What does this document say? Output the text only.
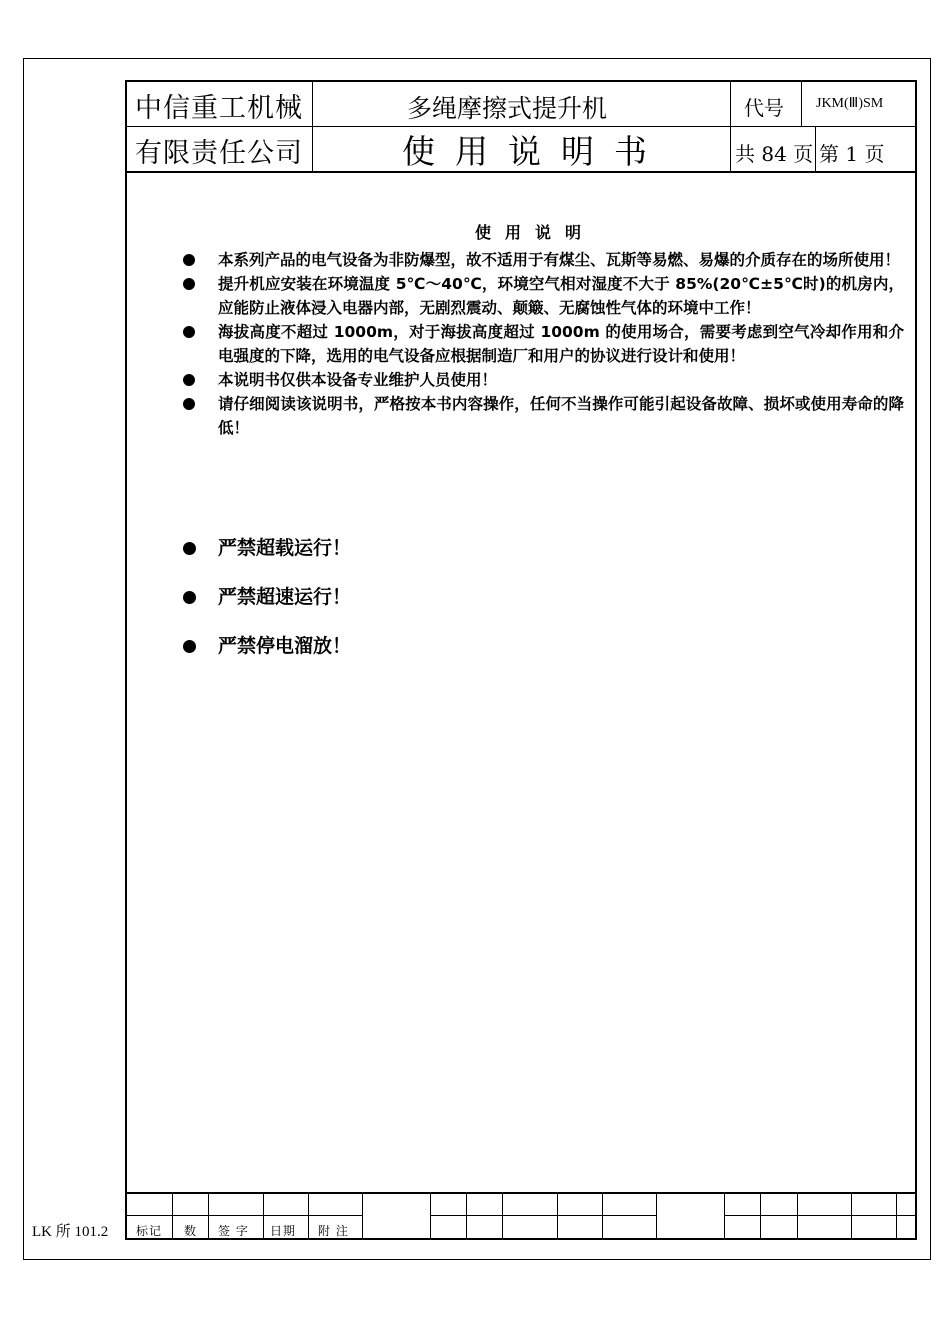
中信重工机械
有限责任公司
多绳摩擦式提升机
使用说明书
代号 JKM(Ⅲ)SM
共 84 页 第 1 页
使用说明
本系列产品的电气设备为非防爆型，故不适用于有煤尘、瓦斯等易燃、易爆的介质存在的场所使用！
提升机应安装在环境温度 5℃～40℃，环境空气相对湿度不大于 85%(20℃±5℃时)的机房内，应能防止液体浸入电器内部，无剧烈震动、颠簸、无腐蚀性气体的环境中工作！
海拔高度不超过 1000m，对于海拔高度超过 1000m 的使用场合，需要考虑到空气冷却作用和介电强度的下降，选用的电气设备应根据制造厂和用户的协议进行设计和使用！
本说明书仅供本设备专业维护人员使用！
请仔细阅读该说明书，严格按本书内容操作，任何不当操作可能引起设备故障、损坏或使用寿命的降低！
严禁超载运行！
严禁超速运行！
严禁停电溜放！
标记 数 签 字 日期 附 注
LK 所 101.2
